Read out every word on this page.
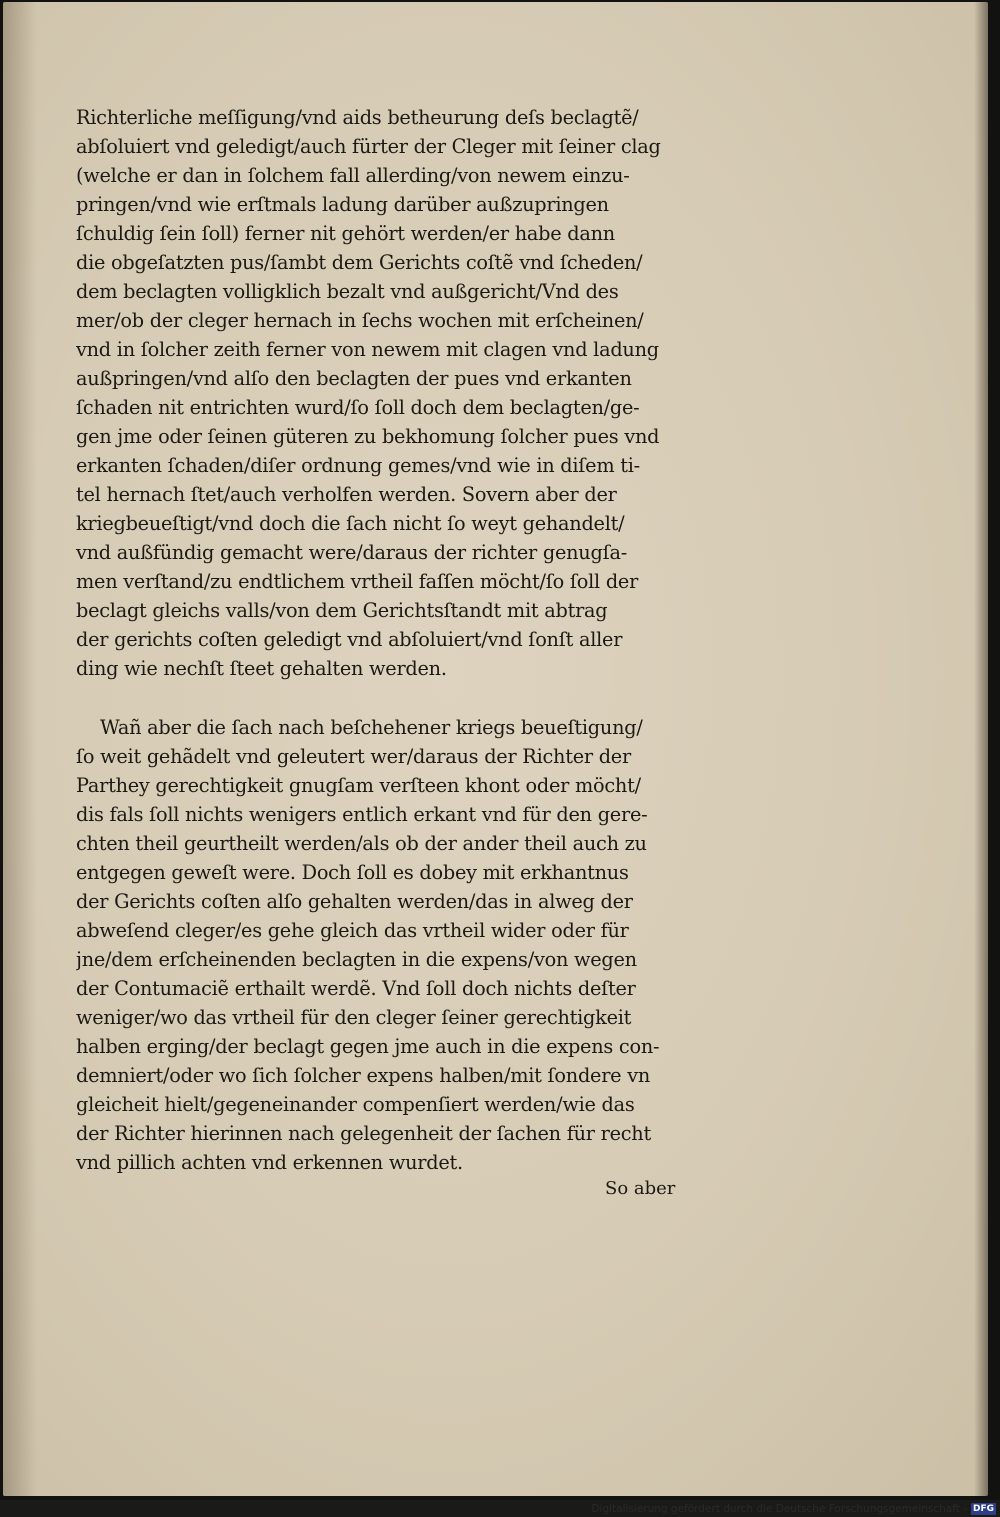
Richterliche meſſigung/vnd aids betheurung deſs beclagtẽ/
abſoluiert vnd geledigt/auch fürter der Cleger mit ſeiner clag
(welche er dan in ſolchem fall allerding/von newem einzu-
pringen/vnd wie erſtmals ladung darüber außzupringen
ſchuldig ſein ſoll) ferner nit gehört werden/er habe dann
die obgeſatzten pus/ſambt dem Gerichts coſtẽ vnd ſcheden/
dem beclagten volligklich bezalt vnd außgericht/Vnd des
mer/ob der cleger hernach in ſechs wochen mit erſcheinen/
vnd in ſolcher zeith ferner von newem mit clagen vnd ladung
außpringen/vnd alſo den beclagten der pues vnd erkanten
ſchaden nit entrichten wurd/ſo ſoll doch dem beclagten/ge-
gen jme oder ſeinen güteren zu bekhomung ſolcher pues vnd
erkanten ſchaden/diſer ordnung gemes/vnd wie in diſem ti-
tel hernach ſtet/auch verholfen werden. Sovern aber der
kriegbeueſtigt/vnd doch die ſach nicht ſo weyt gehandelt/
vnd außfündig gemacht were/daraus der richter genugſa-
men verſtand/zu endtlichem vrtheil faſſen möcht/ſo ſoll der
beclagt gleichs valls/von dem Gerichtsſtandt mit abtrag
der gerichts coſten geledigt vnd abſoluiert/vnd ſonſt aller
ding wie nechſt ſteet gehalten werden.
Wañ aber die ſach nach beſchehener kriegs beueſtigung/
ſo weit gehãdelt vnd geleutert wer/daraus der Richter der
Parthey gerechtigkeit gnugſam verſteen khont oder möcht/
dis fals ſoll nichts wenigers entlich erkant vnd für den gere-
chten theil geurtheilt werden/als ob der ander theil auch zu
entgegen geweſt were. Doch ſoll es dobey mit erkhantnus
der Gerichts coſten alſo gehalten werden/das in alweg der
abweſend cleger/es gehe gleich das vrtheil wider oder für
jne/dem erſcheinenden beclagten in die expens/von wegen
der Contumaciẽ erthailt werdẽ. Vnd ſoll doch nichts deſter
weniger/wo das vrtheil für den cleger ſeiner gerechtigkeit
halben erging/der beclagt gegen jme auch in die expens con-
demniert/oder wo ſich ſolcher expens halben/mit ſondere vn
gleicheit hielt/gegeneinander compenſiert werden/wie das
der Richter hierinnen nach gelegenheit der ſachen für recht
vnd pillich achten vnd erkennen wurdet.
So aber
Digitalisierung gefördert durch die Deutsche Forschungsgemeinschaft - DFG
